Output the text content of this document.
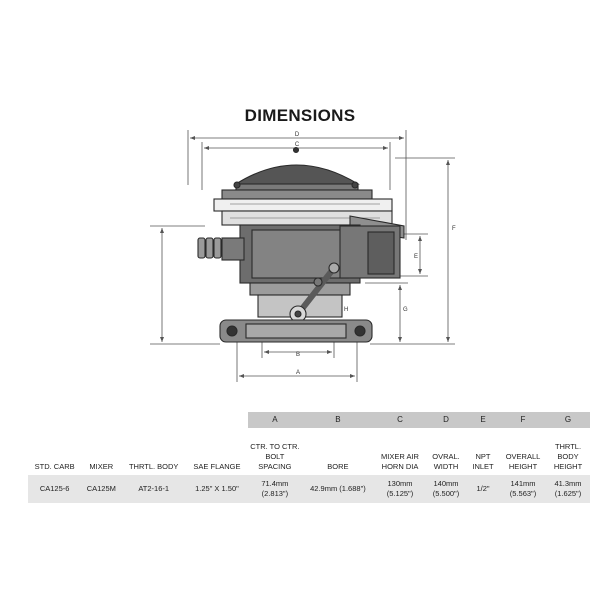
DIMENSIONS
D
C
F
E
G
H
B
A
				A	B	C	D	E	F	G
STD. CARB	MIXER	THRTL. BODY	SAE FLANGE	CTR. TO CTR. BOLT SPACING	BORE	MIXER AIR HORN DIA	OVRAL. WIDTH	NPT INLET	OVERALL HEIGHT	THRTL. BODY HEIGHT
CA125-6	CA125M	AT2-16-1	1.25" X 1.50"	71.4mm (2.813")	42.9mm (1.688")	130mm (5.125")	140mm (5.500")	1/2"	141mm (5.563")	41.3mm (1.625")
